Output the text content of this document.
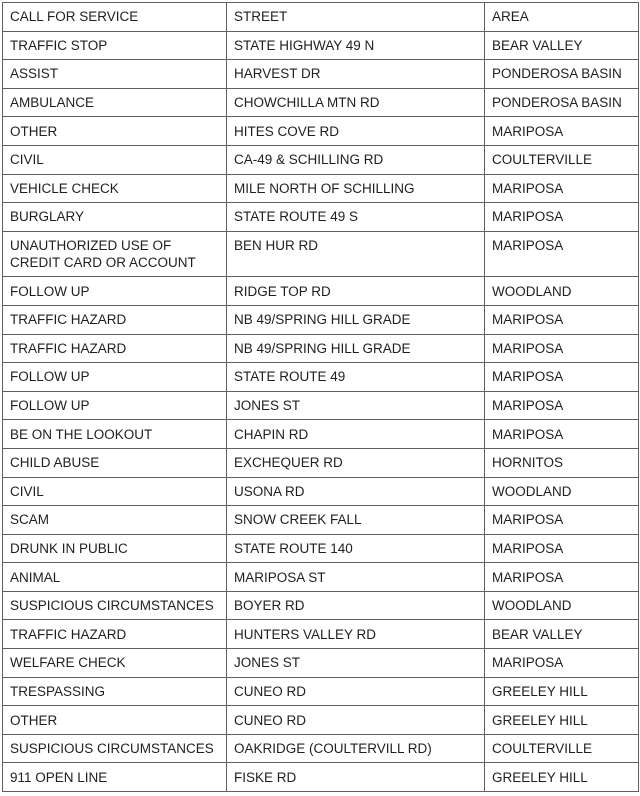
CALL FOR SERVICE	STREET	AREA
TRAFFIC STOP	STATE HIGHWAY 49 N	BEAR VALLEY
ASSIST	HARVEST DR	PONDEROSA BASIN
AMBULANCE	CHOWCHILLA MTN RD	PONDEROSA BASIN
OTHER	HITES COVE RD	MARIPOSA
CIVIL	CA-49 & SCHILLING RD	COULTERVILLE
VEHICLE CHECK	MILE NORTH OF SCHILLING	MARIPOSA
BURGLARY	STATE ROUTE 49 S	MARIPOSA
UNAUTHORIZED USE OF CREDIT CARD OR ACCOUNT	BEN HUR RD	MARIPOSA
FOLLOW UP	RIDGE TOP RD	WOODLAND
TRAFFIC HAZARD	NB 49/SPRING HILL GRADE	MARIPOSA
TRAFFIC HAZARD	NB 49/SPRING HILL GRADE	MARIPOSA
FOLLOW UP	STATE ROUTE 49	MARIPOSA
FOLLOW UP	JONES ST	MARIPOSA
BE ON THE LOOKOUT	CHAPIN RD	MARIPOSA
CHILD ABUSE	EXCHEQUER RD	HORNITOS
CIVIL	USONA RD	WOODLAND
SCAM	SNOW CREEK FALL	MARIPOSA
DRUNK IN PUBLIC	STATE ROUTE 140	MARIPOSA
ANIMAL	MARIPOSA ST	MARIPOSA
SUSPICIOUS CIRCUMSTANCES	BOYER RD	WOODLAND
TRAFFIC HAZARD	HUNTERS VALLEY RD	BEAR VALLEY
WELFARE CHECK	JONES ST	MARIPOSA
TRESPASSING	CUNEO RD	GREELEY HILL
OTHER	CUNEO RD	GREELEY HILL
SUSPICIOUS CIRCUMSTANCES	OAKRIDGE (COULTERVILL RD)	COULTERVILLE
911 OPEN LINE	FISKE RD	GREELEY HILL
